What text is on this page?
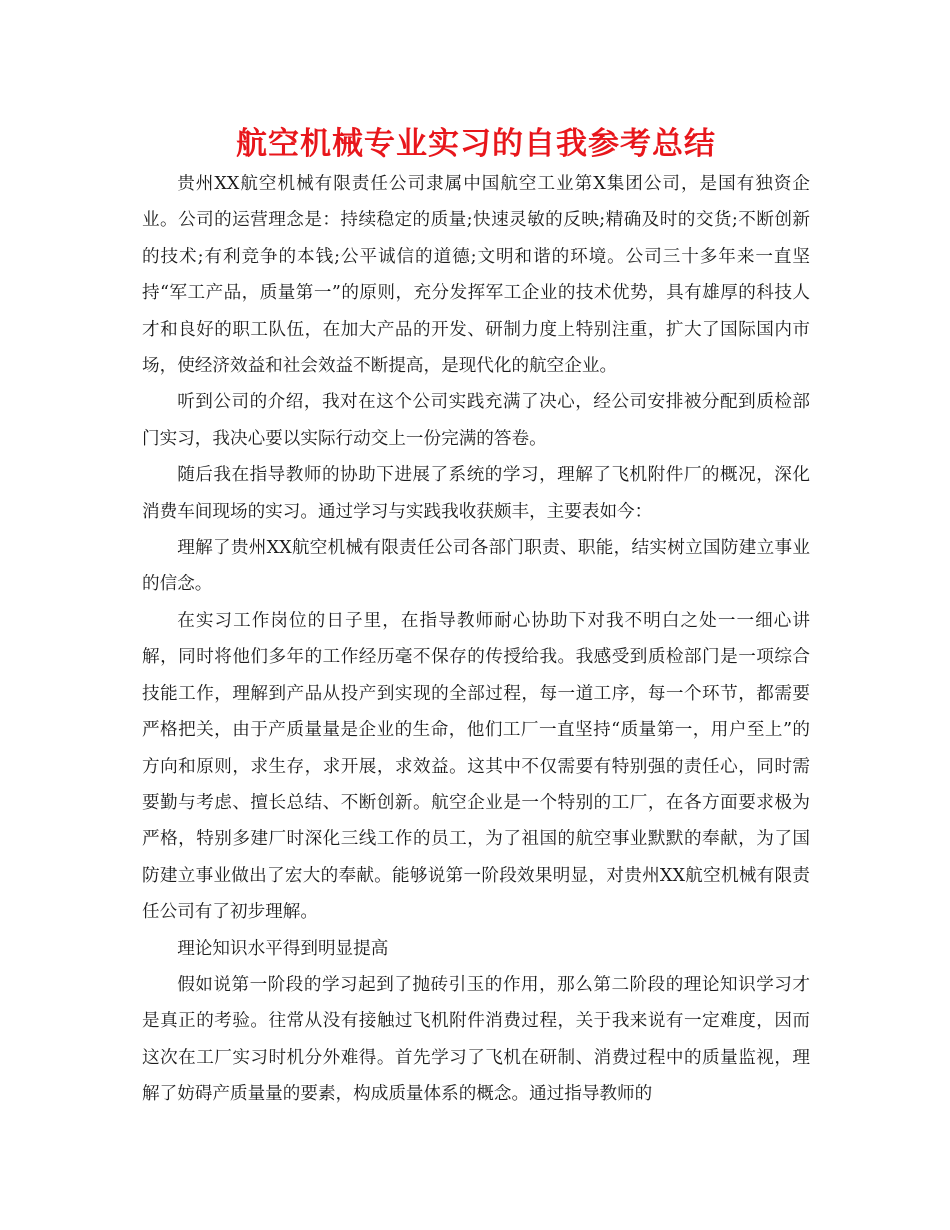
航空机械专业实习的自我参考总结

贵州XX航空机械有限责任公司隶属中国航空工业第X集团公司，是国有独资企业。公司的运营理念是：持续稳定的质量;快速灵敏的反映;精确及时的交货;不断创新的技术;有利竞争的本钱;公平诚信的道德;文明和谐的环境。公司三十多年来一直坚持“军工产品，质量第一”的原则，充分发挥军工企业的技术优势，具有雄厚的科技人才和良好的职工队伍，在加大产品的开发、研制力度上特别注重，扩大了国际国内市场，使经济效益和社会效益不断提高，是现代化的航空企业。

听到公司的介绍，我对在这个公司实践充满了决心，经公司安排被分配到质检部门实习，我决心要以实际行动交上一份完满的答卷。

随后我在指导教师的协助下进展了系统的学习，理解了飞机附件厂的概况，深化消费车间现场的实习。通过学习与实践我收获颇丰，主要表如今：

理解了贵州XX航空机械有限责任公司各部门职责、职能，结实树立国防建立事业的信念。

在实习工作岗位的日子里，在指导教师耐心协助下对我不明白之处一一细心讲解，同时将他们多年的工作经历毫不保存的传授给我。我感受到质检部门是一项综合技能工作，理解到产品从投产到实现的全部过程，每一道工序，每一个环节，都需要严格把关，由于产质量量是企业的生命，他们工厂一直坚持“质量第一，用户至上”的方向和原则，求生存，求开展，求效益。这其中不仅需要有特别强的责任心，同时需要勤与考虑、擅长总结、不断创新。航空企业是一个特别的工厂，在各方面要求极为严格，特别多建厂时深化三线工作的员工，为了祖国的航空事业默默的奉献，为了国防建立事业做出了宏大的奉献。能够说第一阶段效果明显，对贵州XX航空机械有限责任公司有了初步理解。

理论知识水平得到明显提高

假如说第一阶段的学习起到了抛砖引玉的作用，那么第二阶段的理论知识学习才是真正的考验。往常从没有接触过飞机附件消费过程，关于我来说有一定难度，因而这次在工厂实习时机分外难得。首先学习了飞机在研制、消费过程中的质量监视，理解了妨碍产质量量的要素，构成质量体系的概念。通过指导教师的
